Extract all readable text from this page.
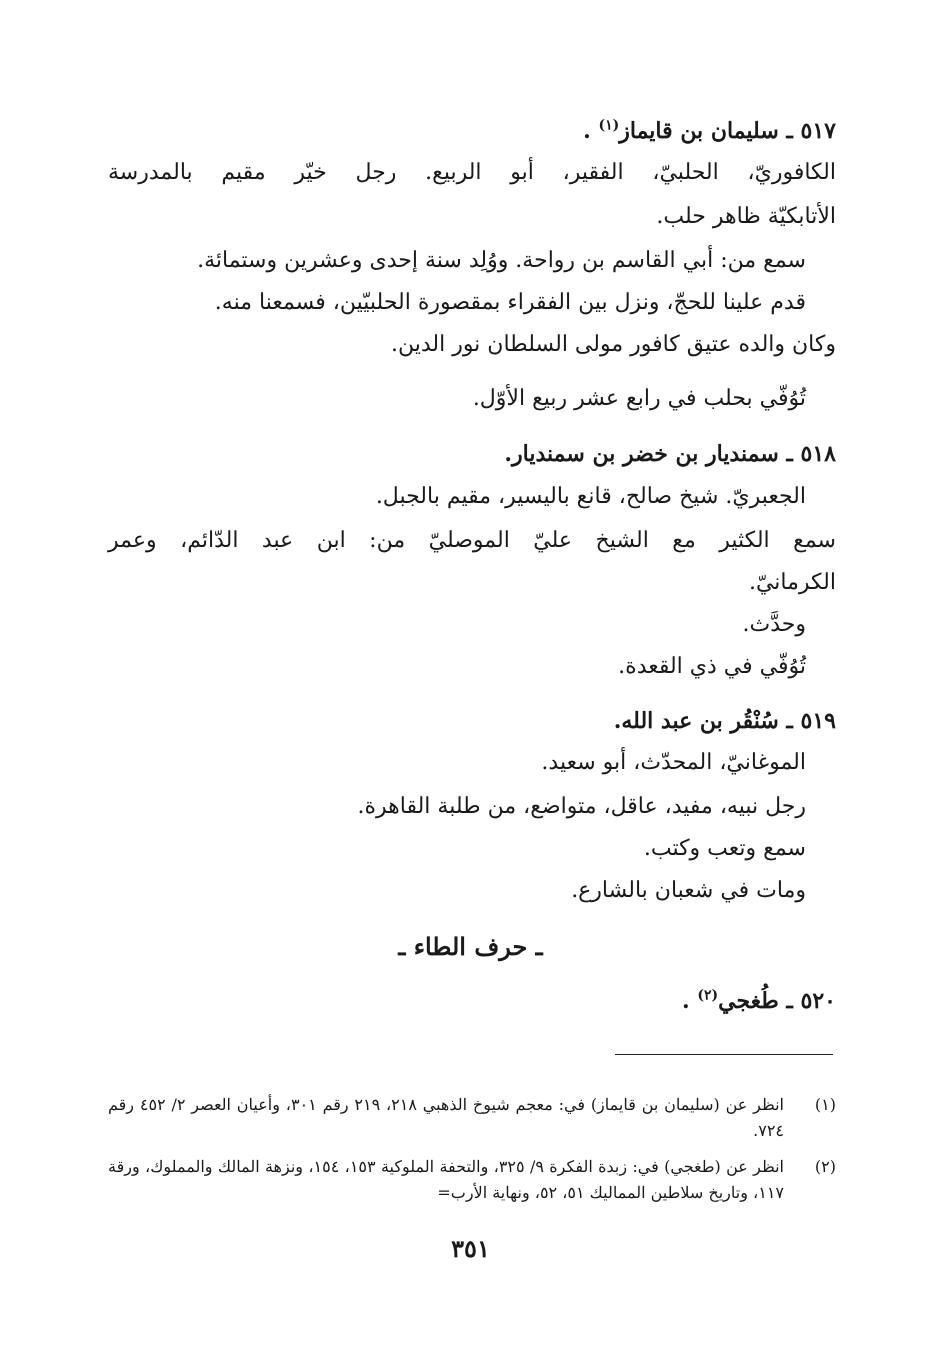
٥١٧ ـ سليمان بن قايماز$^{(١)}$ .
الكافوريّ، الحلبيّ، الفقير، أبو الربيع. رجل خيّر مقيم بالمدرسة
الأتابكيّة ظاهر حلب.
سمع من: أبي القاسم بن رواحة. ووُلِد سنة إحدى وعشرين وستمائة.
قدم علينا للحجّ، ونزل بين الفقراء بمقصورة الحلبيّين، فسمعنا منه.
وكان والده عتيق كافور مولى السلطان نور الدين.
تُوُفّي بحلب في رابع عشر ربيع الأوّل.
٥١٨ ـ سمنديار بن خضر بن سمنديار.
الجعبريّ. شيخ صالح، قانع باليسير، مقيم بالجبل.
سمع الكثير مع الشيخ عليّ الموصليّ من: ابن عبد الدّائم، وعمر
الكرمانيّ.
وحدَّث.
تُوُفّي في ذي القعدة.
٥١٩ ـ سُنْقُر بن عبد الله.
الموغانيّ، المحدّث، أبو سعيد.
رجل نبيه، مفيد، عاقل، متواضع، من طلبة القاهرة.
سمع وتعب وكتب.
ومات في شعبان بالشارع.
ـ حرف الطاء ـ
٥٢٠ ـ طُغجي$^{(٢)}$ .
(١)
انظر عن (سليمان بن قايماز) في: معجم شيوخ الذهبي ٢١٨، ٢١٩ رقم ٣٠١، وأعيان العصر ٢/ ٤٥٢ رقم ٧٢٤.
(٢)
انظر عن (طغجي) في: زبدة الفكرة ٩/ ٣٢٥، والتحفة الملوكية ١٥٣، ١٥٤، ونزهة المالك والمملوك، ورقة ١١٧، وتاريخ سلاطين المماليك ٥١، ٥٢، ونهاية الأرب=
٣٥١
